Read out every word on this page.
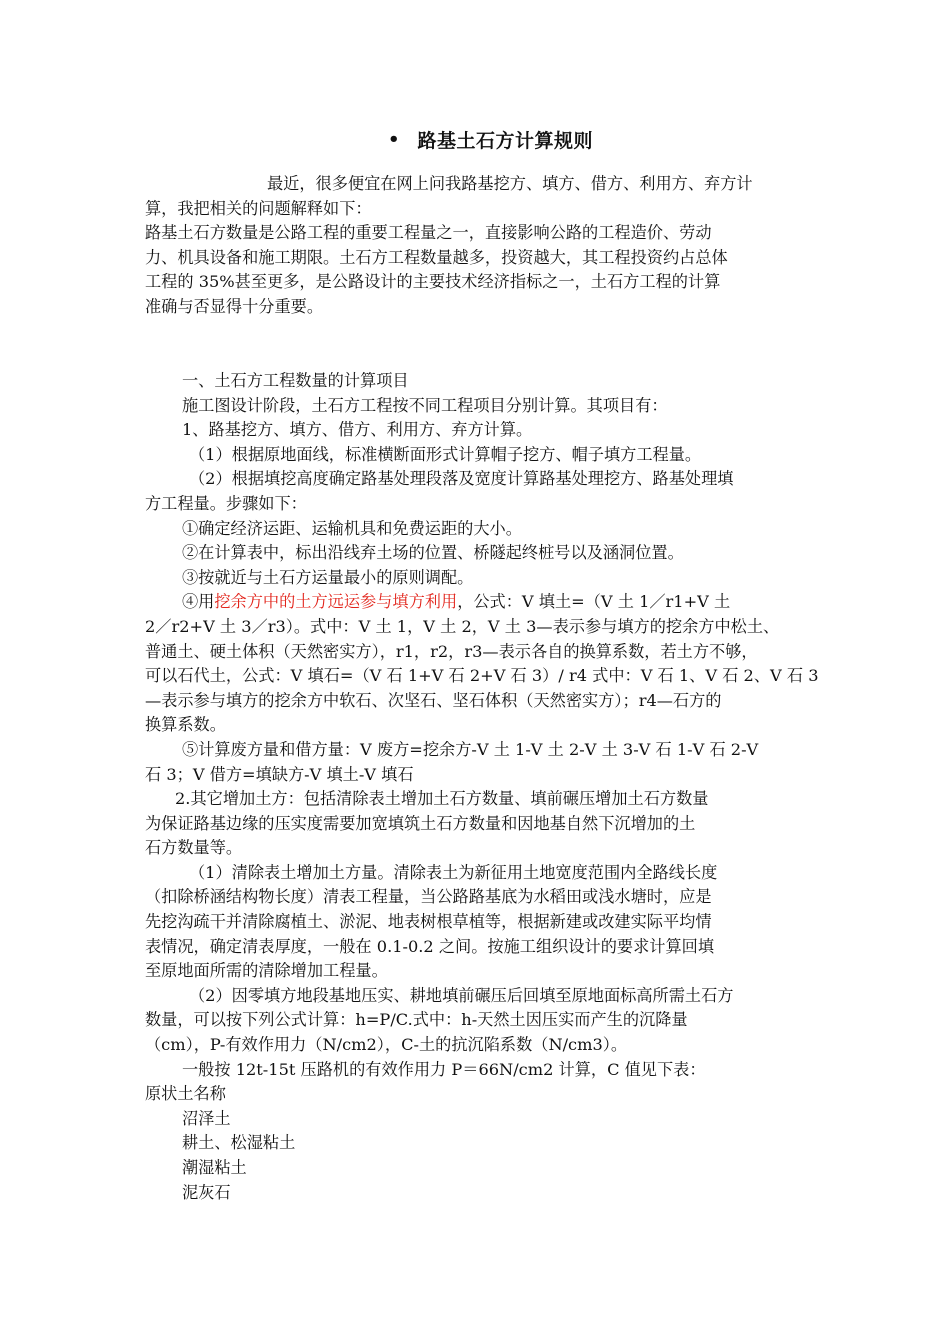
• 路基土石方计算规则

最近，很多便宜在网上问我路基挖方、填方、借方、利用方、弃方计

算，我把相关的问题解释如下：

路基土石方数量是公路工程的重要工程量之一，直接影响公路的工程造价、劳动

力、机具设备和施工期限。土石方工程数量越多，投资越大，其工程投资约占总体

工程的 35%甚至更多，是公路设计的主要技术经济指标之一，土石方工程的计算

准确与否显得十分重要。

一、土石方工程数量的计算项目

施工图设计阶段，土石方工程按不同工程项目分别计算。其项目有：

1、路基挖方、填方、借方、利用方、弃方计算。

（1）根据原地面线，标准横断面形式计算帽子挖方、帽子填方工程量。

（2）根据填挖高度确定路基处理段落及宽度计算路基处理挖方、路基处理填

方工程量。步骤如下：

①确定经济运距、运输机具和免费运距的大小。

②在计算表中，标出沿线弃土场的位置、桥隧起终桩号以及涵洞位置。

③按就近与土石方运量最小的原则调配。

④用挖余方中的土方远运参与填方利用，公式：V 填土=（V 土 1／r1+V 土

2／r2+V 土 3／r3）。式中：V 土 1，V 土 2，V 土 3—表示参与填方的挖余方中松土、

普通土、硬土体积（天然密实方），r1，r2，r3—表示各自的换算系数，若土方不够，

可以石代土，公式：V 填石=（V 石 1+V 石 2+V 石 3）/ r4 式中：V 石 1、V 石 2、V 石 3

—表示参与填方的挖余方中软石、次坚石、坚石体积（天然密实方）；r4—石方的

换算系数。

⑤计算废方量和借方量：V 废方=挖余方-V 土 1-V 土 2-V 土 3-V 石 1-V 石 2-V

石 3；V 借方=填缺方-V 填土-V 填石

2.其它增加土方：包括清除表土增加土石方数量、填前碾压增加土石方数量

为保证路基边缘的压实度需要加宽填筑土石方数量和因地基自然下沉增加的土

石方数量等。

（1）清除表土增加土方量。清除表土为新征用土地宽度范围内全路线长度

（扣除桥涵结构物长度）清表工程量，当公路路基底为水稻田或浅水塘时，应是

先挖沟疏干并清除腐植土、淤泥、地表树根草植等，根据新建或改建实际平均情

表情况，确定清表厚度，一般在 0.1-0.2 之间。按施工组织设计的要求计算回填

至原地面所需的清除增加工程量。

（2）因零填方地段基地压实、耕地填前碾压后回填至原地面标高所需土石方

数量，可以按下列公式计算：h=P/C.式中：h-天然土因压实而产生的沉降量

（cm），P-有效作用力（N/cm2），C-土的抗沉陷系数（N/cm3）。

一般按 12t-15t 压路机的有效作用力 P＝66N/cm2 计算，C 值见下表：

原状土名称

沼泽土

耕土、松湿粘土

潮湿粘土

泥灰石
